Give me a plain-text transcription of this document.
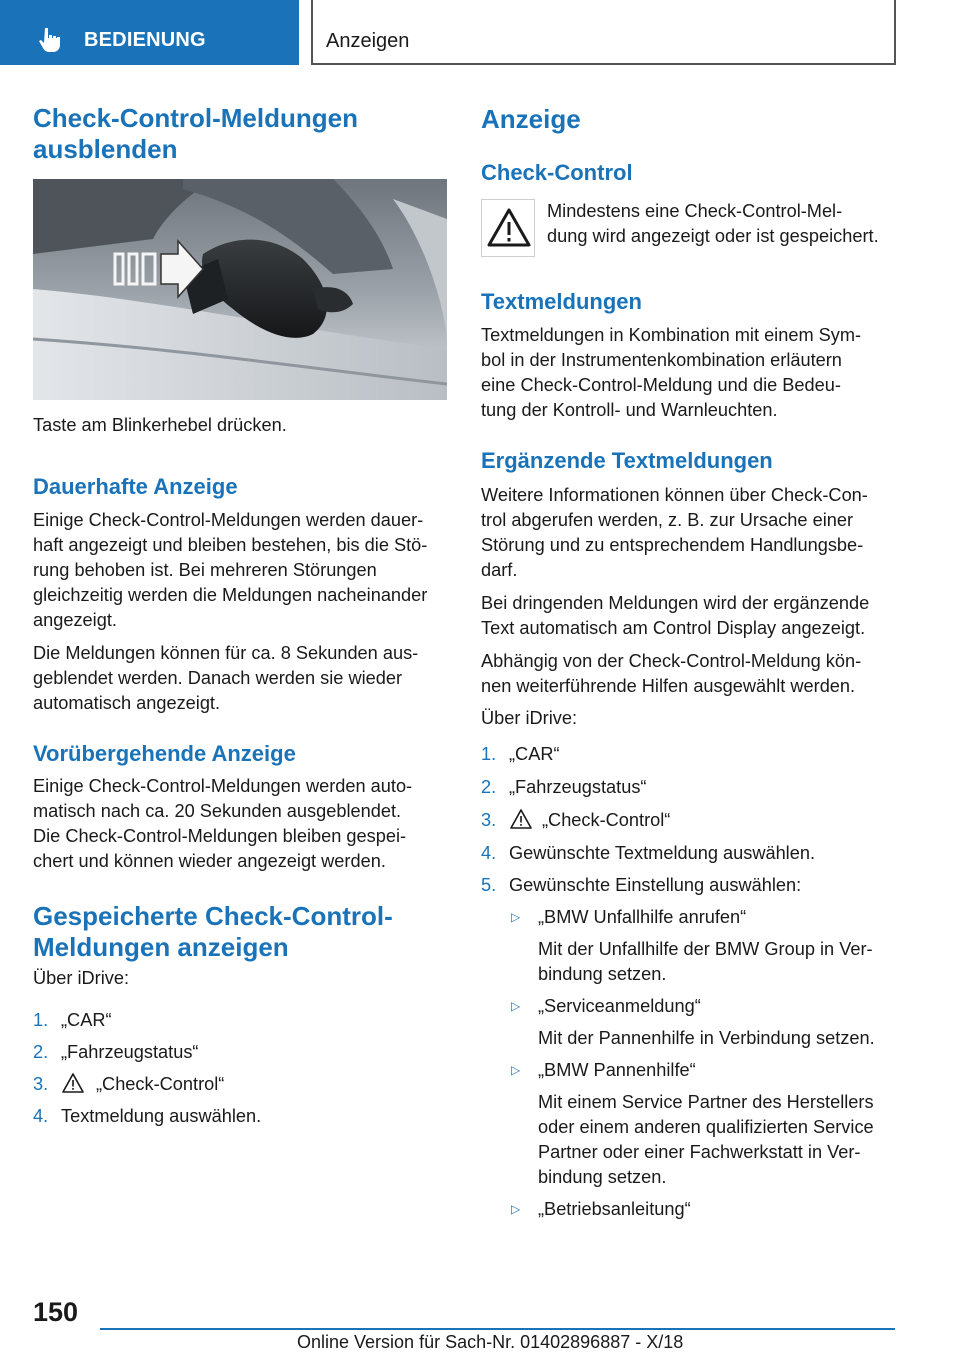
BEDIENUNG	Anzeigen
Check-Control-Meldungen
ausblenden
Taste am Blinkerhebel drücken.
Dauerhafte Anzeige
Einige Check-Control-Meldungen werden dauer‐
haft angezeigt und bleiben bestehen, bis die Stö‐
rung behoben ist. Bei mehreren Störungen
gleichzeitig werden die Meldungen nacheinander
angezeigt.
Die Meldungen können für ca. 8 Sekunden aus‐
geblendet werden. Danach werden sie wieder
automatisch angezeigt.
Vorübergehende Anzeige
Einige Check-Control-Meldungen werden auto‐
matisch nach ca. 20 Sekunden ausgeblendet.
Die Check-Control-Meldungen bleiben gespei‐
chert und können wieder angezeigt werden.
Gespeicherte Check-Control-
Meldungen anzeigen
Über iDrive:
1. „CAR“
2. „Fahrzeugstatus“
3.	„Check-Control“
4. Textmeldung auswählen.
Anzeige
Check-Control
Mindestens eine Check-Control-Mel‐
dung wird angezeigt oder ist gespeichert.
Textmeldungen
Textmeldungen in Kombination mit einem Sym‐
bol in der Instrumentenkombination erläutern
eine Check-Control-Meldung und die Bedeu‐
tung der Kontroll- und Warnleuchten.
Ergänzende Textmeldungen
Weitere Informationen können über Check-Con‐
trol abgerufen werden, z. B. zur Ursache einer
Störung und zu entsprechendem Handlungsbe‐
darf.
Bei dringenden Meldungen wird der ergänzende
Text automatisch am Control Display angezeigt.
Abhängig von der Check-Control-Meldung kön‐
nen weiterführende Hilfen ausgewählt werden.
Über iDrive:
1. „CAR“
2. „Fahrzeugstatus“
3.	„Check-Control“
4. Gewünschte Textmeldung auswählen.
5. Gewünschte Einstellung auswählen:
▷ „BMW Unfallhilfe anrufen“
Mit der Unfallhilfe der BMW Group in Ver‐
bindung setzen.
▷ „Serviceanmeldung“
Mit der Pannenhilfe in Verbindung setzen.
▷ „BMW Pannenhilfe“
Mit einem Service Partner des Herstellers
oder einem anderen qualifizierten Service
Partner oder einer Fachwerkstatt in Ver‐
bindung setzen.
▷ „Betriebsanleitung“
150
Online Version für Sach-Nr. 01402896887 - X/18
